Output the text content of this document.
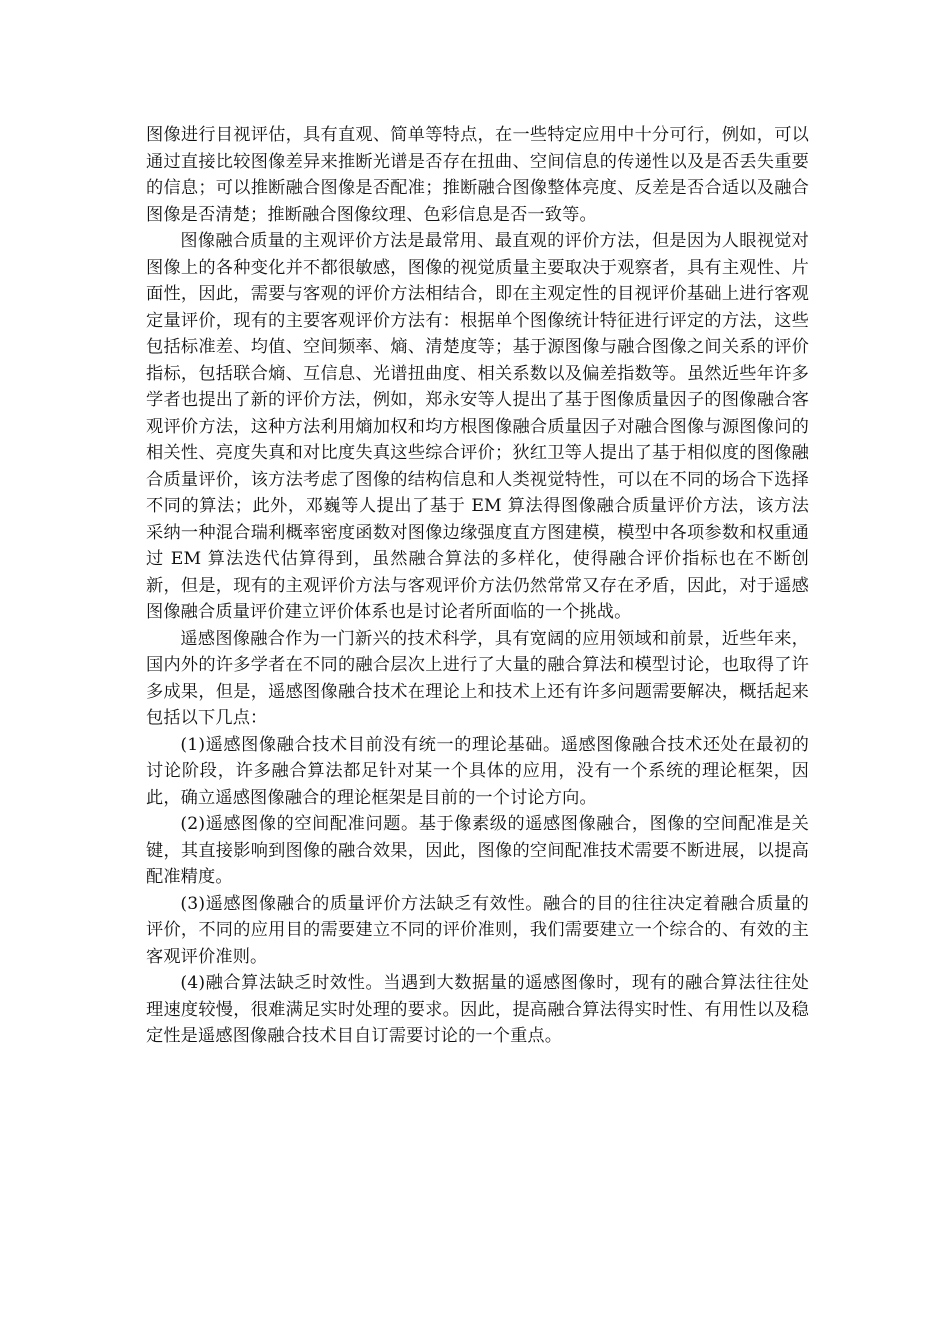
图像进行目视评估，具有直观、简单等特点，在一些特定应用中十分可行，例如，可以通过直接比较图像差异来推断光谱是否存在扭曲、空间信息的传递性以及是否丢失重要的信息；可以推断融合图像是否配准；推断融合图像整体亮度、反差是否合适以及融合图像是否清楚；推断融合图像纹理、色彩信息是否一致等。

图像融合质量的主观评价方法是最常用、最直观的评价方法，但是因为人眼视觉对图像上的各种变化并不都很敏感，图像的视觉质量主要取决于观察者，具有主观性、片面性，因此，需要与客观的评价方法相结合，即在主观定性的目视评价基础上进行客观定量评价，现有的主要客观评价方法有：根据单个图像统计特征进行评定的方法，这些包括标准差、均值、空间频率、熵、清楚度等；基于源图像与融合图像之间关系的评价指标，包括联合熵、互信息、光谱扭曲度、相关系数以及偏差指数等。虽然近些年许多学者也提出了新的评价方法，例如，郑永安等人提出了基于图像质量因子的图像融合客观评价方法，这种方法利用熵加权和均方根图像融合质量因子对融合图像与源图像问的相关性、亮度失真和对比度失真这些综合评价；狄红卫等人提出了基于相似度的图像融合质量评价，该方法考虑了图像的结构信息和人类视觉特性，可以在不同的场合下选择不同的算法；此外，邓巍等人提出了基于 EM 算法得图像融合质量评价方法，该方法采纳一种混合瑞利概率密度函数对图像边缘强度直方图建模，模型中各项参数和权重通过 EM 算法迭代估算得到，虽然融合算法的多样化，使得融合评价指标也在不断创新，但是，现有的主观评价方法与客观评价方法仍然常常又存在矛盾，因此，对于遥感图像融合质量评价建立评价体系也是讨论者所面临的一个挑战。

遥感图像融合作为一门新兴的技术科学，具有宽阔的应用领域和前景，近些年来，国内外的许多学者在不同的融合层次上进行了大量的融合算法和模型讨论，也取得了许多成果，但是，遥感图像融合技术在理论上和技术上还有许多问题需要解决，概括起来包括以下几点：

(1)遥感图像融合技术目前没有统一的理论基础。遥感图像融合技术还处在最初的讨论阶段，许多融合算法都足针对某一个具体的应用，没有一个系统的理论框架，因此，确立遥感图像融合的理论框架是目前的一个讨论方向。

(2)遥感图像的空间配准问题。基于像素级的遥感图像融合，图像的空间配准是关键，其直接影响到图像的融合效果，因此，图像的空间配准技术需要不断进展，以提高配准精度。

(3)遥感图像融合的质量评价方法缺乏有效性。融合的目的往往决定着融合质量的评价，不同的应用目的需要建立不同的评价准则，我们需要建立一个综合的、有效的主客观评价准则。

(4)融合算法缺乏时效性。当遇到大数据量的遥感图像时，现有的融合算法往往处理速度较慢，很难满足实时处理的要求。因此，提高融合算法得实时性、有用性以及稳定性是遥感图像融合技术目自订需要讨论的一个重点。
